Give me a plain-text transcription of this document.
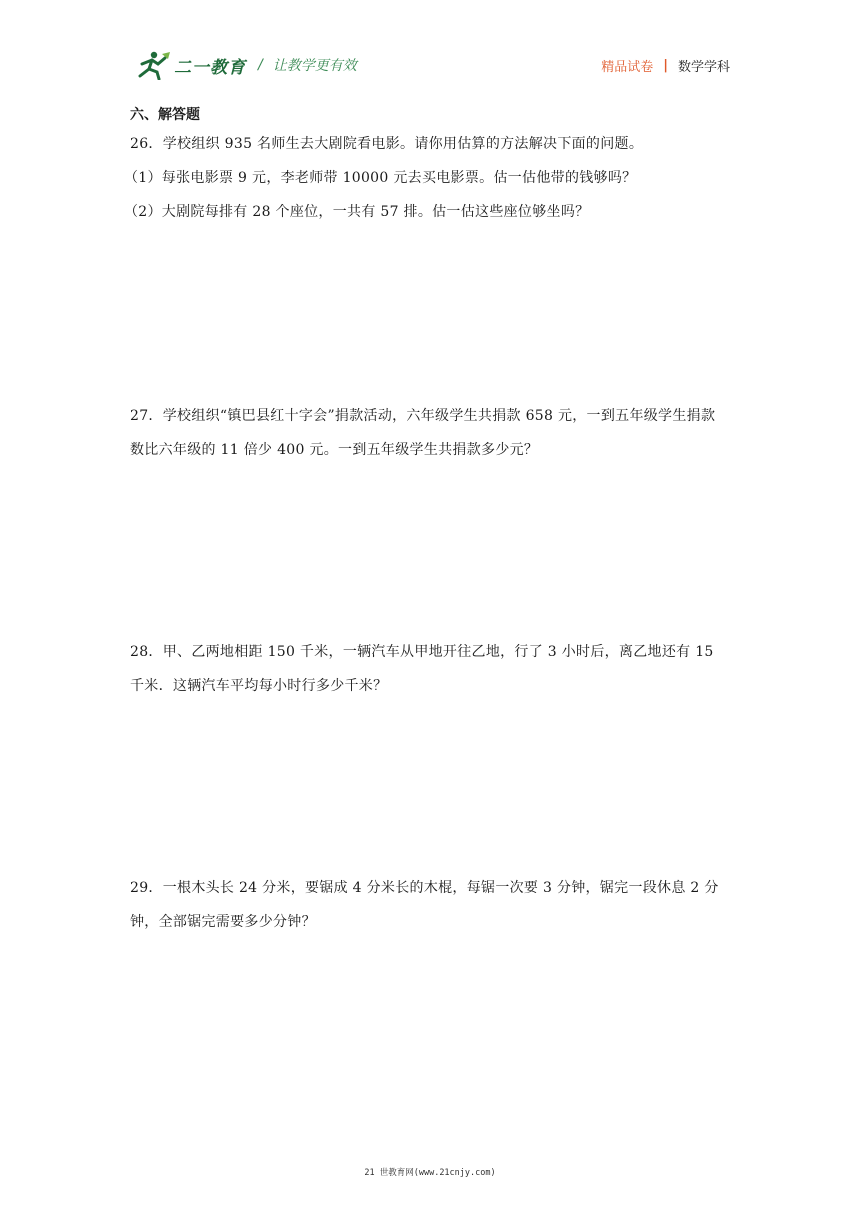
二一教育 / 让教学更有效	精品试卷 | 数学学科
六、解答题
26．学校组织 935 名师生去大剧院看电影。请你用估算的方法解决下面的问题。
（1）每张电影票 9 元，李老师带 10000 元去买电影票。估一估他带的钱够吗？
（2）大剧院每排有 28 个座位，一共有 57 排。估一估这些座位够坐吗？
27．学校组织“镇巴县红十字会”捐款活动，六年级学生共捐款 658 元，一到五年级学生捐款
数比六年级的 11 倍少 400 元。一到五年级学生共捐款多少元？
28．甲、乙两地相距 150 千米，一辆汽车从甲地开往乙地，行了 3 小时后，离乙地还有 15
千米．这辆汽车平均每小时行多少千米？
29．一根木头长 24 分米，要锯成 4 分米长的木棍，每锯一次要 3 分钟，锯完一段休息 2 分
钟，全部锯完需要多少分钟？
21 世教育网(www.21cnjy.com)
